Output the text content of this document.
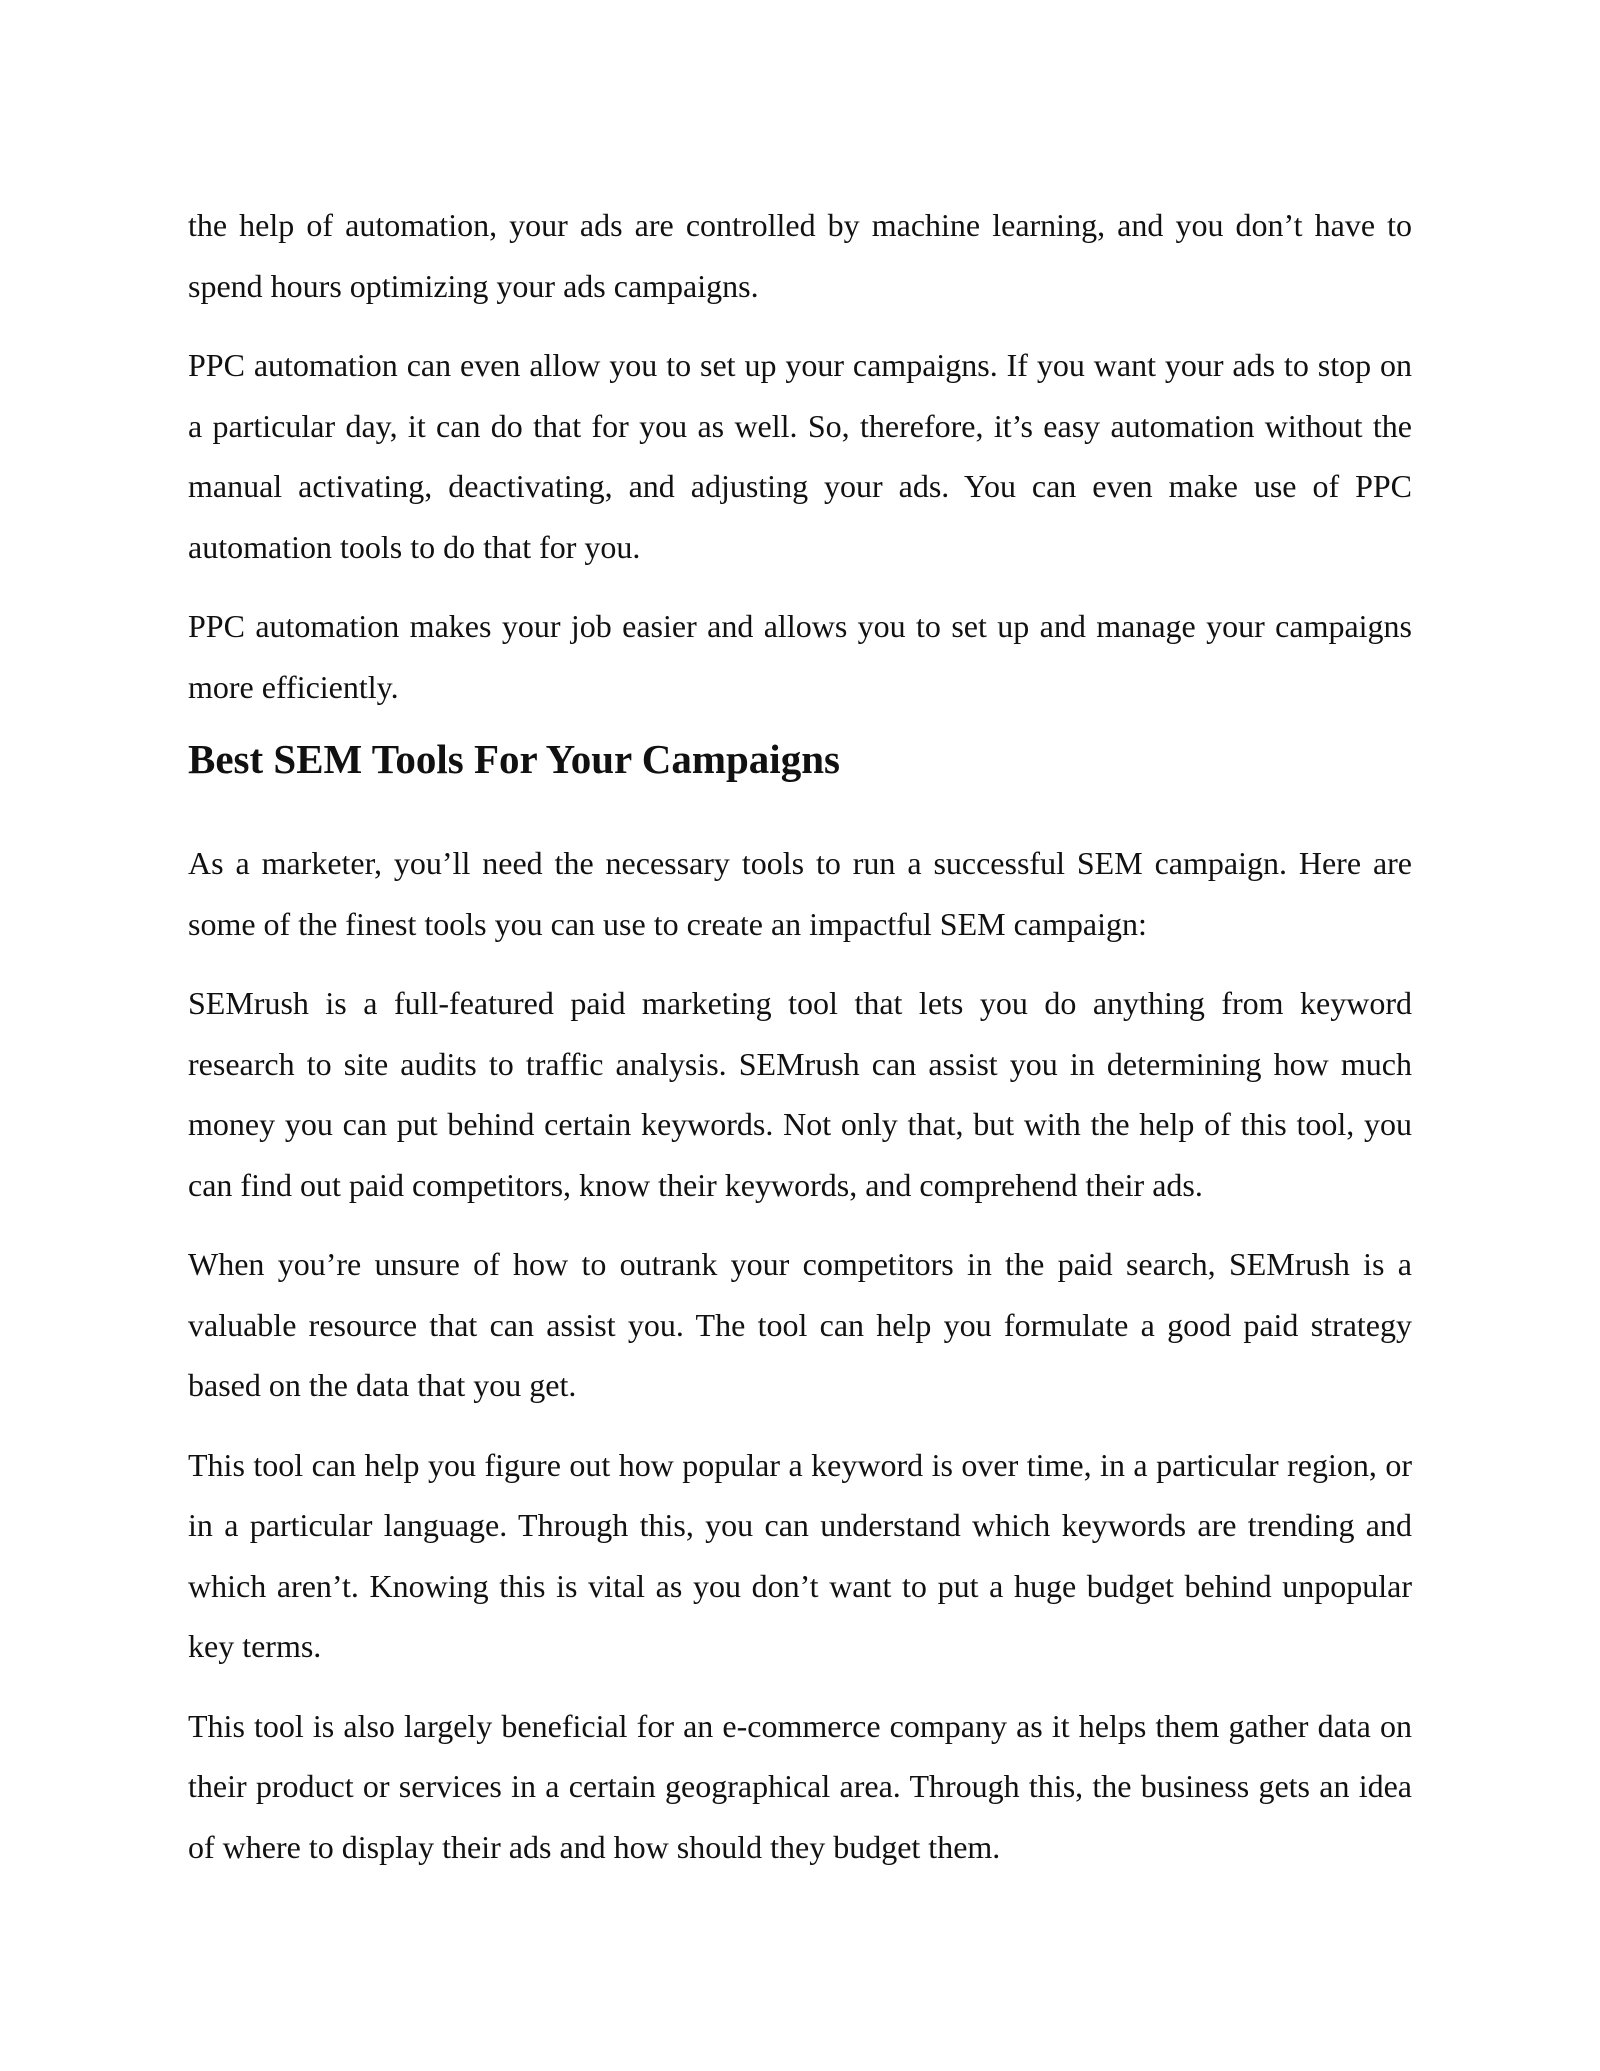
the help of automation, your ads are controlled by machine learning, and you don’t have to spend hours optimizing your ads campaigns.

PPC automation can even allow you to set up your campaigns. If you want your ads to stop on a particular day, it can do that for you as well. So, therefore, it’s easy automation without the manual activating, deactivating, and adjusting your ads. You can even make use of PPC automation tools to do that for you.

PPC automation makes your job easier and allows you to set up and manage your campaigns more efficiently.

Best SEM Tools For Your Campaigns

As a marketer, you’ll need the necessary tools to run a successful SEM campaign. Here are some of the finest tools you can use to create an impactful SEM campaign:

SEMrush is a full-featured paid marketing tool that lets you do anything from keyword research to site audits to traffic analysis. SEMrush can assist you in determining how much money you can put behind certain keywords. Not only that, but with the help of this tool, you can find out paid competitors, know their keywords, and comprehend their ads.

When you’re unsure of how to outrank your competitors in the paid search, SEMrush is a valuable resource that can assist you. The tool can help you formulate a good paid strategy based on the data that you get.

This tool can help you figure out how popular a keyword is over time, in a particular region, or in a particular language. Through this, you can understand which keywords are trending and which aren’t. Knowing this is vital as you don’t want to put a huge budget behind unpopular key terms.

This tool is also largely beneficial for an e-commerce company as it helps them gather data on their product or services in a certain geographical area. Through this, the business gets an idea of where to display their ads and how should they budget them.
